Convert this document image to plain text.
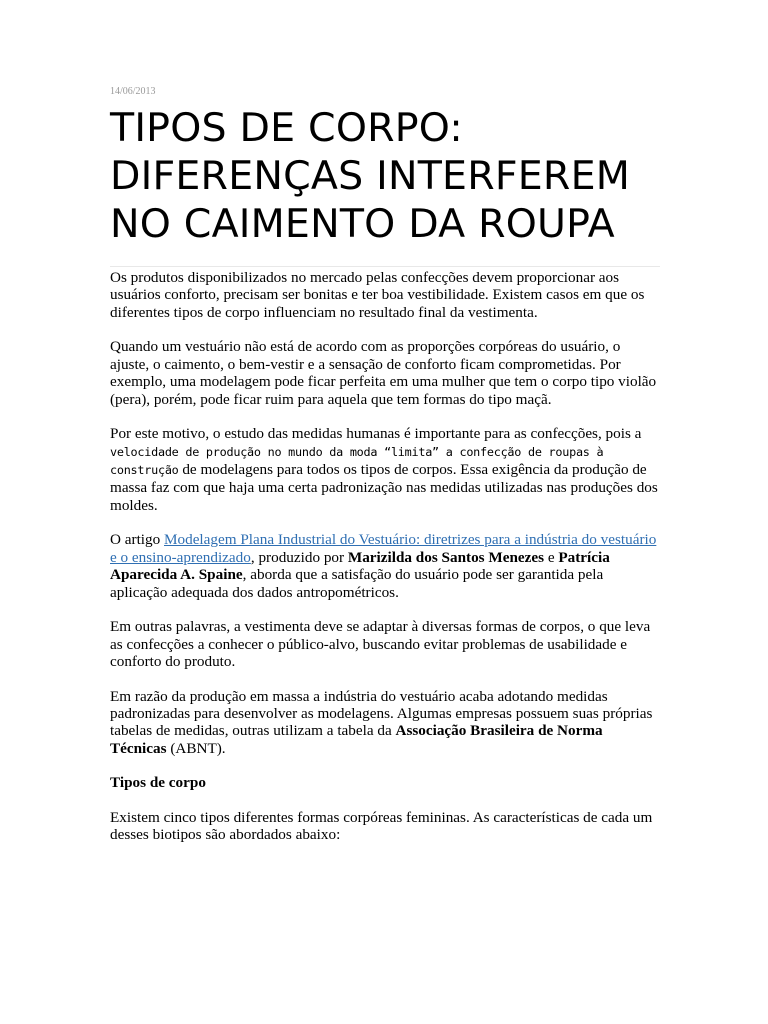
14/06/2013
TIPOS DE CORPO:
DIFERENÇAS INTERFEREM
NO CAIMENTO DA ROUPA

Os produtos disponibilizados no mercado pelas confecções devem proporcionar aos usuários conforto, precisam ser bonitas e ter boa vestibilidade. Existem casos em que os diferentes tipos de corpo influenciam no resultado final da vestimenta.

Quando um vestuário não está de acordo com as proporções corpóreas do usuário, o ajuste, o caimento, o bem-vestir e a sensação de conforto ficam comprometidas. Por exemplo, uma modelagem pode ficar perfeita em uma mulher que tem o corpo tipo violão (pera), porém, pode ficar ruim para aquela que tem formas do tipo maçã.

Por este motivo, o estudo das medidas humanas é importante para as confecções, pois a velocidade de produção no mundo da moda “limita” a confecção de roupas à construção de modelagens para todos os tipos de corpos. Essa exigência da produção de massa faz com que haja uma certa padronização nas medidas utilizadas nas produções dos moldes.

O artigo Modelagem Plana Industrial do Vestuário: diretrizes para a indústria do vestuário e o ensino-aprendizado, produzido por Marizilda dos Santos Menezes e Patrícia Aparecida A. Spaine, aborda que a satisfação do usuário pode ser garantida pela aplicação adequada dos dados antropométricos.

Em outras palavras, a vestimenta deve se adaptar à diversas formas de corpos, o que leva as confecções a conhecer o público-alvo, buscando evitar problemas de usabilidade e conforto do produto.

Em razão da produção em massa a indústria do vestuário acaba adotando medidas padronizadas para desenvolver as modelagens. Algumas empresas possuem suas próprias tabelas de medidas, outras utilizam a tabela da Associação Brasileira de Norma Técnicas (ABNT).

Tipos de corpo

Existem cinco tipos diferentes formas corpóreas femininas. As características de cada um desses biotipos são abordados abaixo:
